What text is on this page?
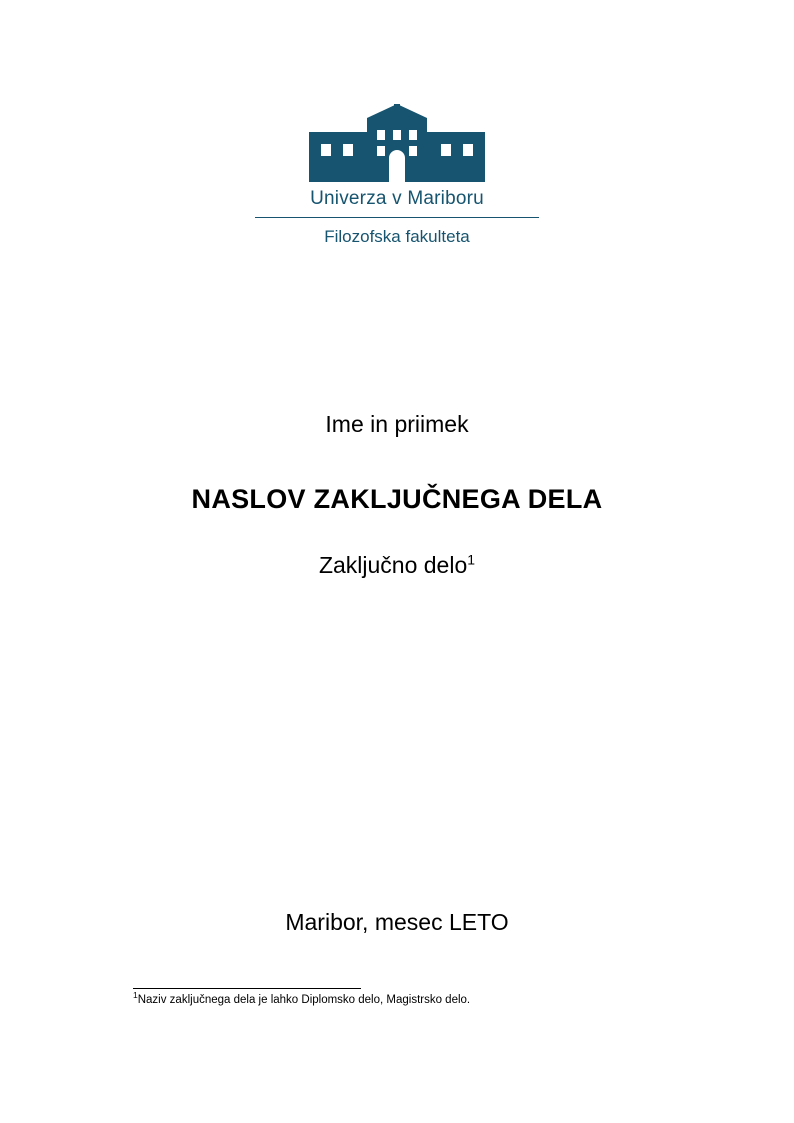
Univerza v Mariboru
Filozofska fakulteta

Ime in priimek

NASLOV ZAKLJUČNEGA DELA

Zaključno delo$^1$

Maribor, mesec LETO
$^1$Naziv zaključnega dela je lahko Diplomsko delo, Magistrsko delo.
